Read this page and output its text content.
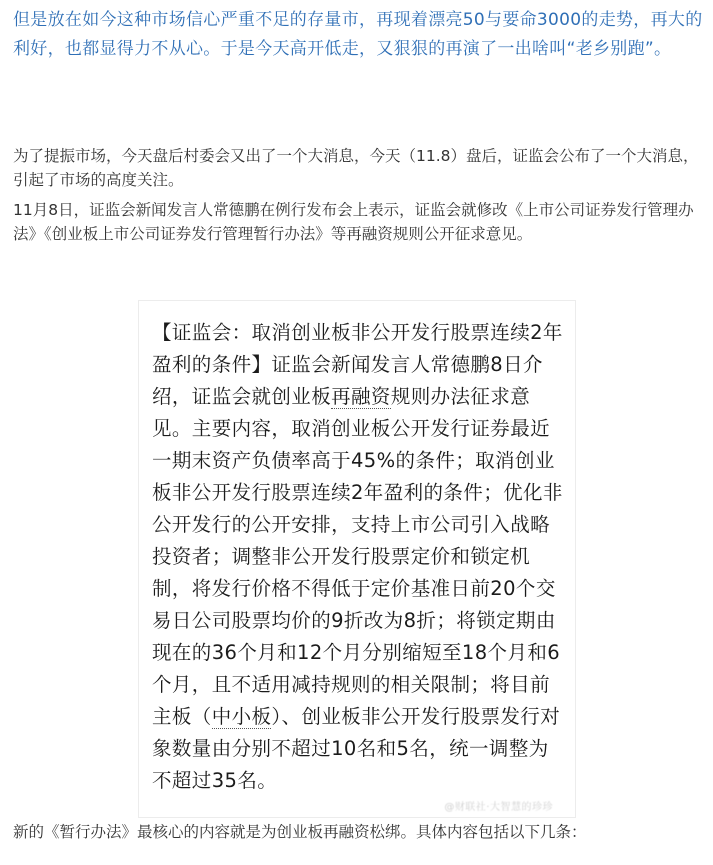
但是放在如今这种市场信心严重不足的存量市，再现着漂亮50与要命3000的走势，再大的利好，也都显得力不从心。于是今天高开低走，又狠狠的再演了一出啥叫“老乡别跑”。

为了提振市场，今天盘后村委会又出了一个大消息，今天（11.8）盘后，证监会公布了一个大消息，引起了市场的高度关注。

11月8日，证监会新闻发言人常德鹏在例行发布会上表示，证监会就修改《上市公司证券发行管理办法》《创业板上市公司证券发行管理暂行办法》等再融资规则公开征求意见。

【证监会：取消创业板非公开发行股票连续2年盈利的条件】证监会新闻发言人常德鹏8日介绍，证监会就创业板再融资规则办法征求意见。主要内容，取消创业板公开发行证券最近一期末资产负债率高于45%的条件；取消创业板非公开发行股票连续2年盈利的条件；优化非公开发行的公开安排，支持上市公司引入战略投资者；调整非公开发行股票定价和锁定机制，将发行价格不得低于定价基准日前20个交易日公司股票均价的9折改为8折；将锁定期由现在的36个月和12个月分别缩短至18个月和6个月，且不适用减持规则的相关限制；将目前主板（中小板）、创业板非公开发行股票发行对象数量由分别不超过10名和5名，统一调整为不超过35名。

@财联社·大智慧的珍珍

新的《暂行办法》最核心的内容就是为创业板再融资松绑。具体内容包括以下几条：
